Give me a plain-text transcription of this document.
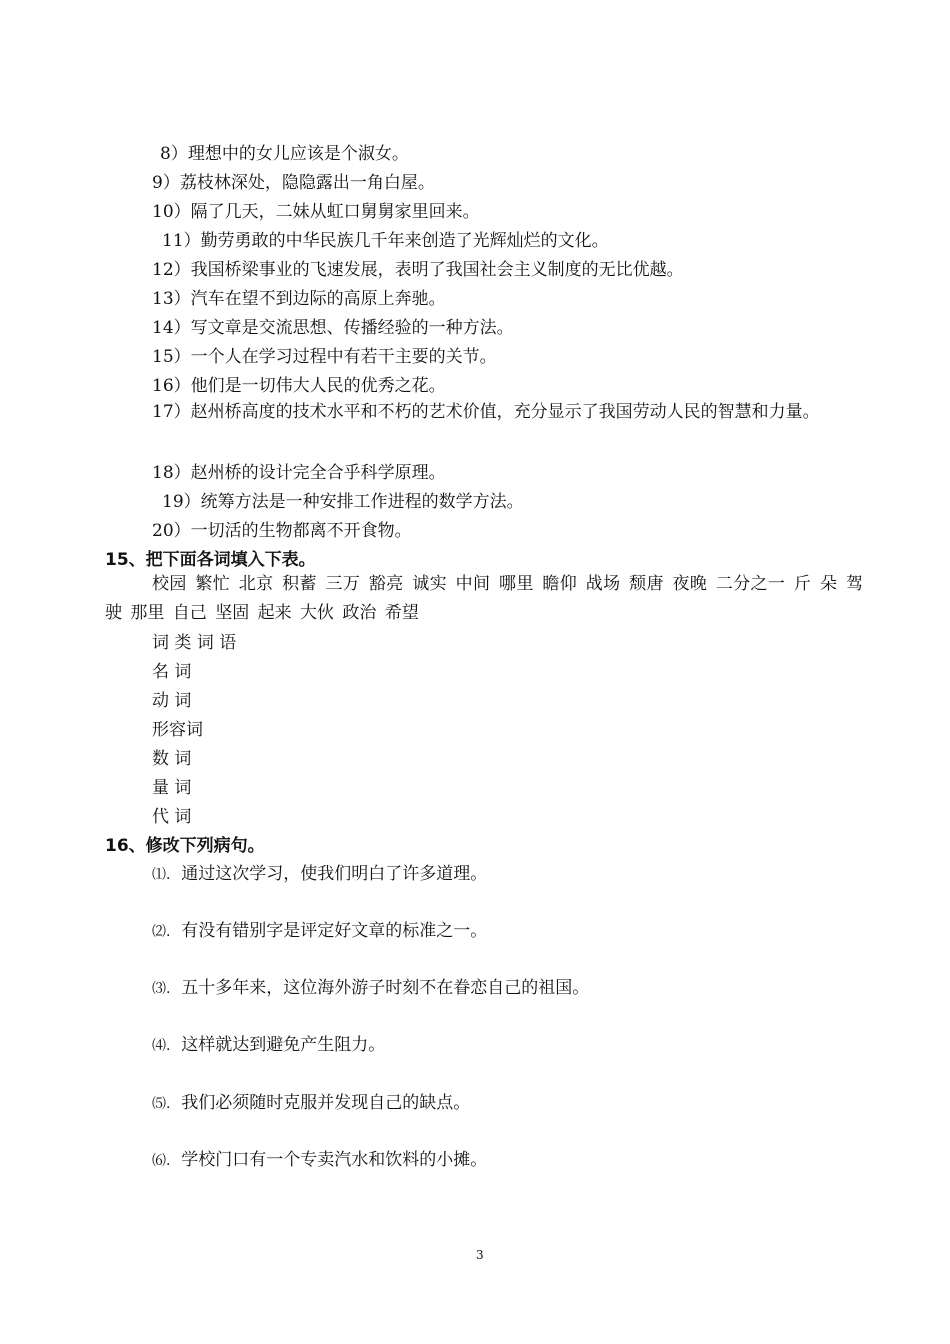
8）理想中的女儿应该是个淑女。
9）荔枝林深处，隐隐露出一角白屋。
10）隔了几天，二妹从虹口舅舅家里回来。
11）勤劳勇敢的中华民族几千年来创造了光辉灿烂的文化。
12）我国桥梁事业的飞速发展，表明了我国社会主义制度的无比优越。
13）汽车在望不到边际的高原上奔驰。
14）写文章是交流思想、传播经验的一种方法。
15）一个人在学习过程中有若干主要的关节。
16）他们是一切伟大人民的优秀之花。
17）赵州桥高度的技术水平和不朽的艺术价值，充分显示了我国劳动人民的智慧和力量。
18）赵州桥的设计完全合乎科学原理。
19）统筹方法是一种安排工作进程的数学方法。
20）一切活的生物都离不开食物。
15、把下面各词填入下表。
校园 繁忙 北京 积蓄 三万 豁亮 诚实 中间 哪里 瞻仰 战场 颓唐 夜晚 二分之一 斤 朵 驾驶 那里 自己 坚固 起来 大伙 政治 希望
词 类 词 语
名 词
动 词
形容词
数 词
量 词
代 词
16、修改下列病句。
⑴. 通过这次学习，使我们明白了许多道理。
⑵. 有没有错别字是评定好文章的标准之一。
⑶. 五十多年来，这位海外游子时刻不在眷恋自己的祖国。
⑷. 这样就达到避免产生阻力。
⑸. 我们必须随时克服并发现自己的缺点。
⑹. 学校门口有一个专卖汽水和饮料的小摊。
3
